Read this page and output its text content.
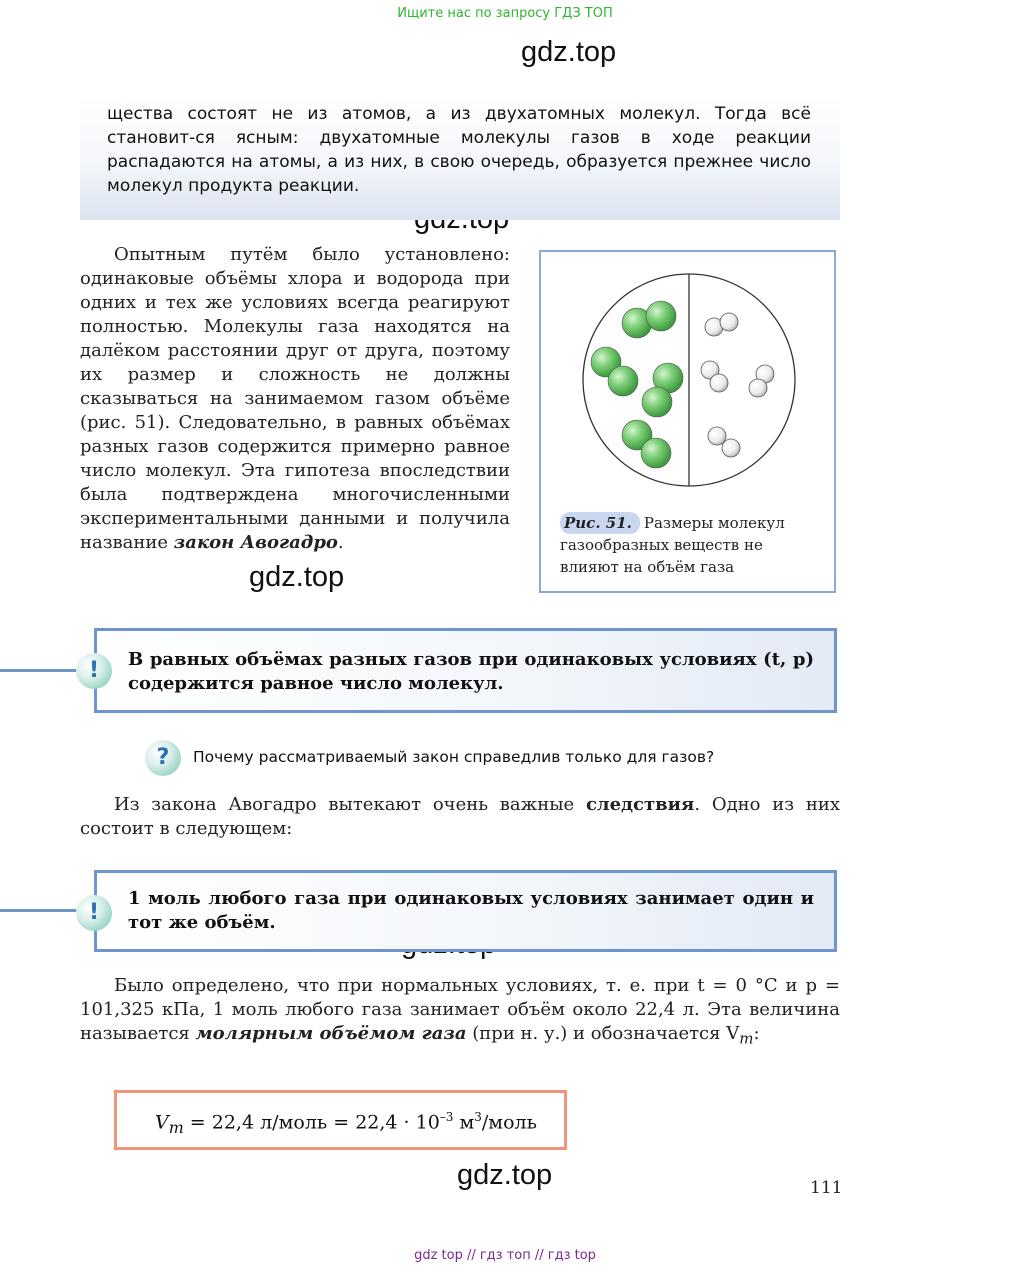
Ищите нас по запросу ГДЗ ТОП
gdz top // гдз топ // гдз top
gdz.top
gdz.top
gdz.top
щества состоят не из атомов, а из двухатомных молекул. Тогда всё становит-ся ясным: двухатомные молекулы газов в ходе реакции распадаются на атомы, а из них, в свою очередь, образуется прежнее число молекул продукта реакции.

Опытным путём было установлено: одинаковые объёмы хлора и водорода при одних и тех же условиях всегда реагируют полностью. Молекулы газа находятся на далёком расстоянии друг от друга, поэтому их размер и сложность не должны сказываться на занимаемом газом объёме (рис. 51). Следовательно, в равных объёмах разных газов содержится примерно равное число молекул. Эта гипотеза впоследствии была подтверждена многочисленными экспериментальными данными и получила название закон Авогадро.

Рис. 51. Размеры молекул газообразных веществ не влияют на объём газа
!	В равных объёмах разных газов при одинаковых условиях (t, p) содержится равное число молекул.
?	Почему рассматриваемый закон справедлив только для газов?

Из закона Авогадро вытекают очень важные следствия. Одно из них состоит в следующем:

!
1 моль любого газа при одинаковых условиях занимает один и тот же объём.

Было определено, что при нормальных условиях, т. е. при t = 0 °С и p = 101,325 кПа, 1 моль любого газа занимает объём около 22,4 л. Эта величина называется молярным объёмом газа (при н. у.) и обозначается $V_m$:

$V_m = 22,4$ л/моль = $22,4 \cdot 10^{-3}$ $м^3$/моль
111
